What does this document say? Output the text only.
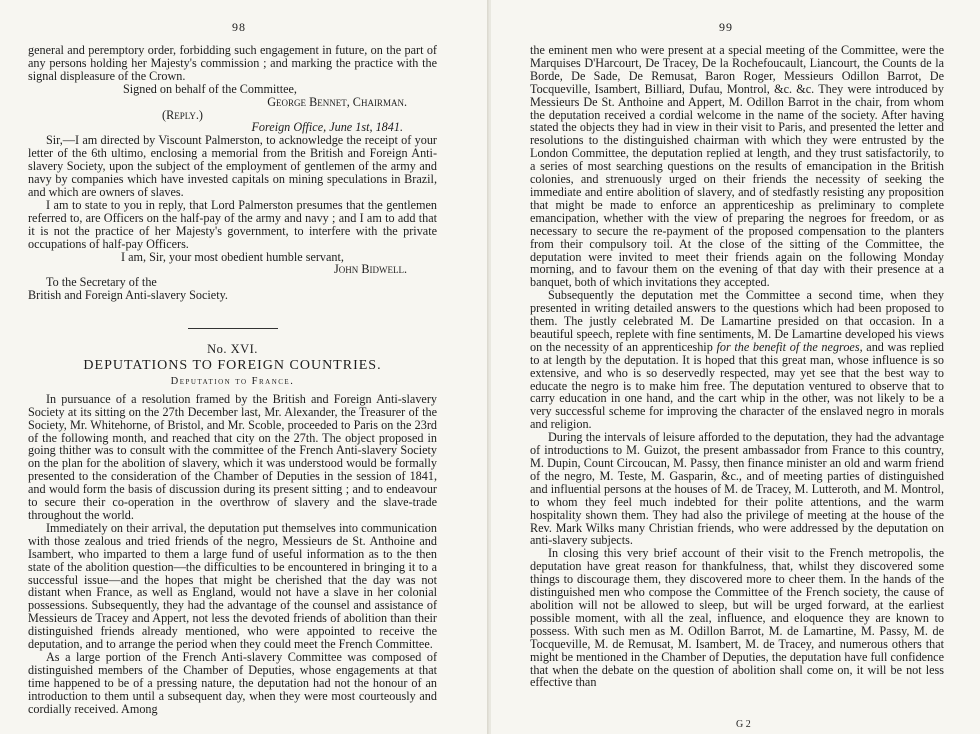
98

general and peremptory order, forbidding such engagement in future, on the part of any persons holding her Majesty's commission ; and marking the practice with the signal displeasure of the Crown.

Signed on behalf of the Committee,

George Bennet, Chairman.

(Reply.)

Foreign Office, June 1st, 1841.

Sir,—I am directed by Viscount Palmerston, to acknowledge the receipt of your letter of the 6th ultimo, enclosing a memorial from the British and Foreign Anti-slavery Society, upon the subject of the employment of gentlemen of the army and navy by companies which have invested capitals on mining speculations in Brazil, and which are owners of slaves.

I am to state to you in reply, that Lord Palmerston presumes that the gentlemen referred to, are Officers on the half-pay of the army and navy ; and I am to add that it is not the practice of her Majesty's government, to interfere with the private occupations of half-pay Officers.

I am, Sir, your most obedient humble servant,

John Bidwell.

To the Secretary of the

British and Foreign Anti-slavery Society.

No. XVI.
DEPUTATIONS TO FOREIGN COUNTRIES.
Deputation to France.

In pursuance of a resolution framed by the British and Foreign Anti-slavery Society at its sitting on the 27th December last, Mr. Alexander, the Treasurer of the Society, Mr. Whitehorne, of Bristol, and Mr. Scoble, proceeded to Paris on the 23rd of the following month, and reached that city on the 27th. The object proposed in going thither was to consult with the committee of the French Anti-slavery Society on the plan for the abolition of slavery, which it was understood would be formally presented to the consideration of the Chamber of Deputies in the session of 1841, and would form the basis of discussion during its present sitting ; and to endeavour to secure their co-operation in the overthrow of slavery and the slave-trade throughout the world.

Immediately on their arrival, the deputation put themselves into communication with those zealous and tried friends of the negro, Messieurs de St. Anthoine and Isambert, who imparted to them a large fund of useful information as to the then state of the abolition question—the difficulties to be encountered in bringing it to a successful issue—and the hopes that might be cherished that the day was not distant when France, as well as England, would not have a slave in her colonial possessions. Subsequently, they had the advantage of the counsel and assistance of Messieurs de Tracey and Appert, not less the devoted friends of abolition than their distinguished friends already mentioned, who were appointed to receive the deputation, and to arrange the period when they could meet the French Committee.

As a large portion of the French Anti-slavery Committee was composed of distinguished members of the Chamber of Deputies, whose engagements at that time happened to be of a pressing nature, the deputation had not the honour of an introduction to them until a subsequent day, when they were most courteously and cordially received. Among

99

the eminent men who were present at a special meeting of the Committee, were the Marquises D'Harcourt, De Tracey, De la Rochefoucault, Liancourt, the Counts de la Borde, De Sade, De Remusat, Baron Roger, Messieurs Odillon Barrot, De Tocqueville, Isambert, Billiard, Dufau, Montrol, &c. &c. They were introduced by Messieurs De St. Anthoine and Appert, M. Odillon Barrot in the chair, from whom the deputation received a cordial welcome in the name of the society. After having stated the objects they had in view in their visit to Paris, and presented the letter and resolutions to the distinguished chairman with which they were entrusted by the London Committee, the deputation replied at length, and they trust satisfactorily, to a series of most searching questions on the results of emancipation in the British colonies, and strenuously urged on their friends the necessity of seeking the immediate and entire abolition of slavery, and of stedfastly resisting any proposition that might be made to enforce an apprenticeship as preliminary to complete emancipation, whether with the view of preparing the negroes for freedom, or as necessary to secure the re-payment of the proposed compensation to the planters from their compulsory toil. At the close of the sitting of the Committee, the deputation were invited to meet their friends again on the following Monday morning, and to favour them on the evening of that day with their presence at a banquet, both of which invitations they accepted.

Subsequently the deputation met the Committee a second time, when they presented in writing detailed answers to the questions which had been proposed to them. The justly celebrated M. De Lamartine presided on that occasion. In a beautiful speech, replete with fine sentiments, M. De Lamartine developed his views on the necessity of an apprenticeship for the benefit of the negroes, and was replied to at length by the deputation. It is hoped that this great man, whose influence is so extensive, and who is so deservedly respected, may yet see that the best way to educate the negro is to make him free. The deputation ventured to observe that to carry education in one hand, and the cart whip in the other, was not likely to be a very successful scheme for improving the character of the enslaved negro in morals and religion.

During the intervals of leisure afforded to the deputation, they had the advantage of introductions to M. Guizot, the present ambassador from France to this country, M. Dupin, Count Circoucan, M. Passy, then finance minister an old and warm friend of the negro, M. Teste, M. Gasparin, &c., and of meeting parties of distinguished and influential persons at the houses of M. de Tracey, M. Lutteroth, and M. Montrol, to whom they feel much indebted for their polite attentions, and the warm hospitality shown them. They had also the privilege of meeting at the house of the Rev. Mark Wilks many Christian friends, who were addressed by the deputation on anti-slavery subjects.

In closing this very brief account of their visit to the French metropolis, the deputation have great reason for thankfulness, that, whilst they discovered some things to discourage them, they discovered more to cheer them. In the hands of the distinguished men who compose the Committee of the French society, the cause of abolition will not be allowed to sleep, but will be urged forward, at the earliest possible moment, with all the zeal, influence, and eloquence they are known to possess. With such men as M. Odillon Barrot, M. de Lamartine, M. Passy, M. de Tocqueville, M. de Remusat, M. Isambert, M. de Tracey, and numerous others that might be mentioned in the Chamber of Deputies, the deputation have full confidence that when the debate on the question of abolition shall come on, it will be not less effective than

G 2
